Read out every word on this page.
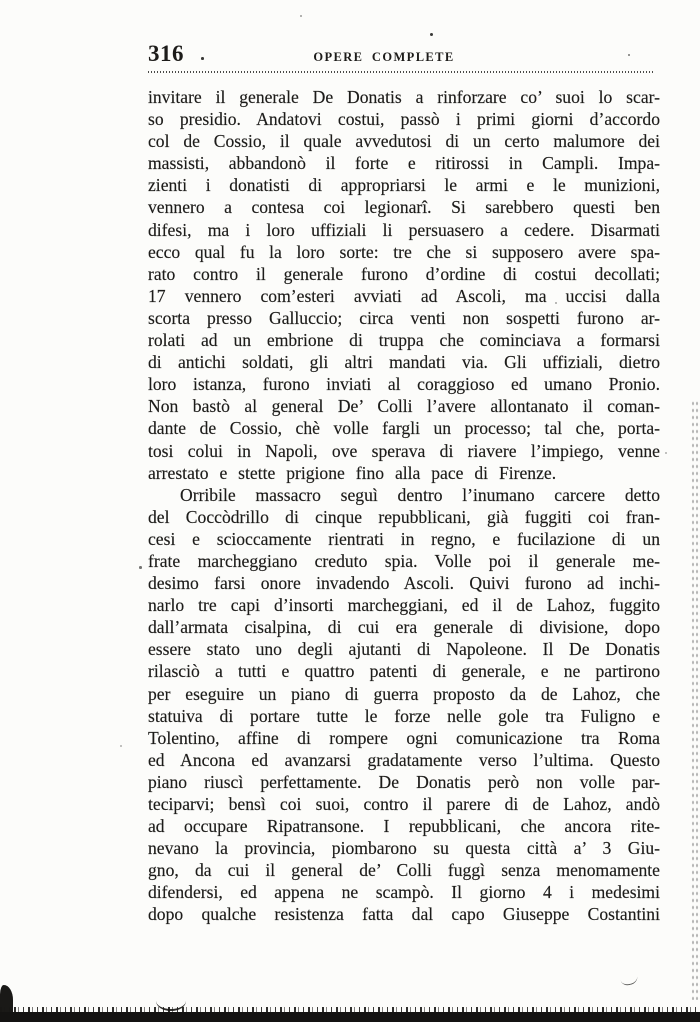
316	OPERE COMPLETE
invitare il generale De Donatis a rinforzare co’ suoi lo scar-
so presidio. Andatovi costui, passò i primi giorni d’accordo
col de Cossio, il quale avvedutosi di un certo malumore dei
massisti, abbandonò il forte e ritirossi in Campli. Impa-
zienti i donatisti di appropriarsi le armi e le munizioni,
vennero a contesa coi legionarî. Si sarebbero questi ben
difesi, ma i loro uffiziali li persuasero a cedere. Disarmati
ecco qual fu la loro sorte: tre che si supposero avere spa-
rato contro il generale furono d’ordine di costui decollati;
17 vennero com’esteri avviati ad Ascoli, ma uccisi dalla
scorta presso Galluccio; circa venti non sospetti furono ar-
rolati ad un embrione di truppa che cominciava a formarsi
di antichi soldati, gli altri mandati via. Gli uffiziali, dietro
loro istanza, furono inviati al coraggioso ed umano Pronio.
Non bastò al general De’ Colli l’avere allontanato il coman-
dante de Cossio, chè volle fargli un processo; tal che, porta-
tosi colui in Napoli, ove sperava di riavere l’impiego, venne
arrestato e stette prigione fino alla pace di Firenze.
Orribile massacro seguì dentro l’inumano carcere detto
del Coccòdrillo di cinque repubblicani, già fuggiti coi fran-
cesi e scioccamente rientrati in regno, e fucilazione di un
frate marcheggiano creduto spia. Volle poi il generale me-
desimo farsi onore invadendo Ascoli. Quivi furono ad inchi-
narlo tre capi d’insorti marcheggiani, ed il de Lahoz, fuggito
dall’armata cisalpina, di cui era generale di divisione, dopo
essere stato uno degli ajutanti di Napoleone. Il De Donatis
rilasciò a tutti e quattro patenti di generale, e ne partirono
per eseguire un piano di guerra proposto da de Lahoz, che
statuiva di portare tutte le forze nelle gole tra Fuligno e
Tolentino, affine di rompere ogni comunicazione tra Roma
ed Ancona ed avanzarsi gradatamente verso l’ultima. Questo
piano riuscì perfettamente. De Donatis però non volle par-
teciparvi; bensì coi suoi, contro il parere di de Lahoz, andò
ad occupare Ripatransone. I repubblicani, che ancora rite-
nevano la provincia, piombarono su questa città a’ 3 Giu-
gno, da cui il general de’ Colli fuggì senza menomamente
difendersi, ed appena ne scampò. Il giorno 4 i medesimi
dopo qualche resistenza fatta dal capo Giuseppe Costantini
